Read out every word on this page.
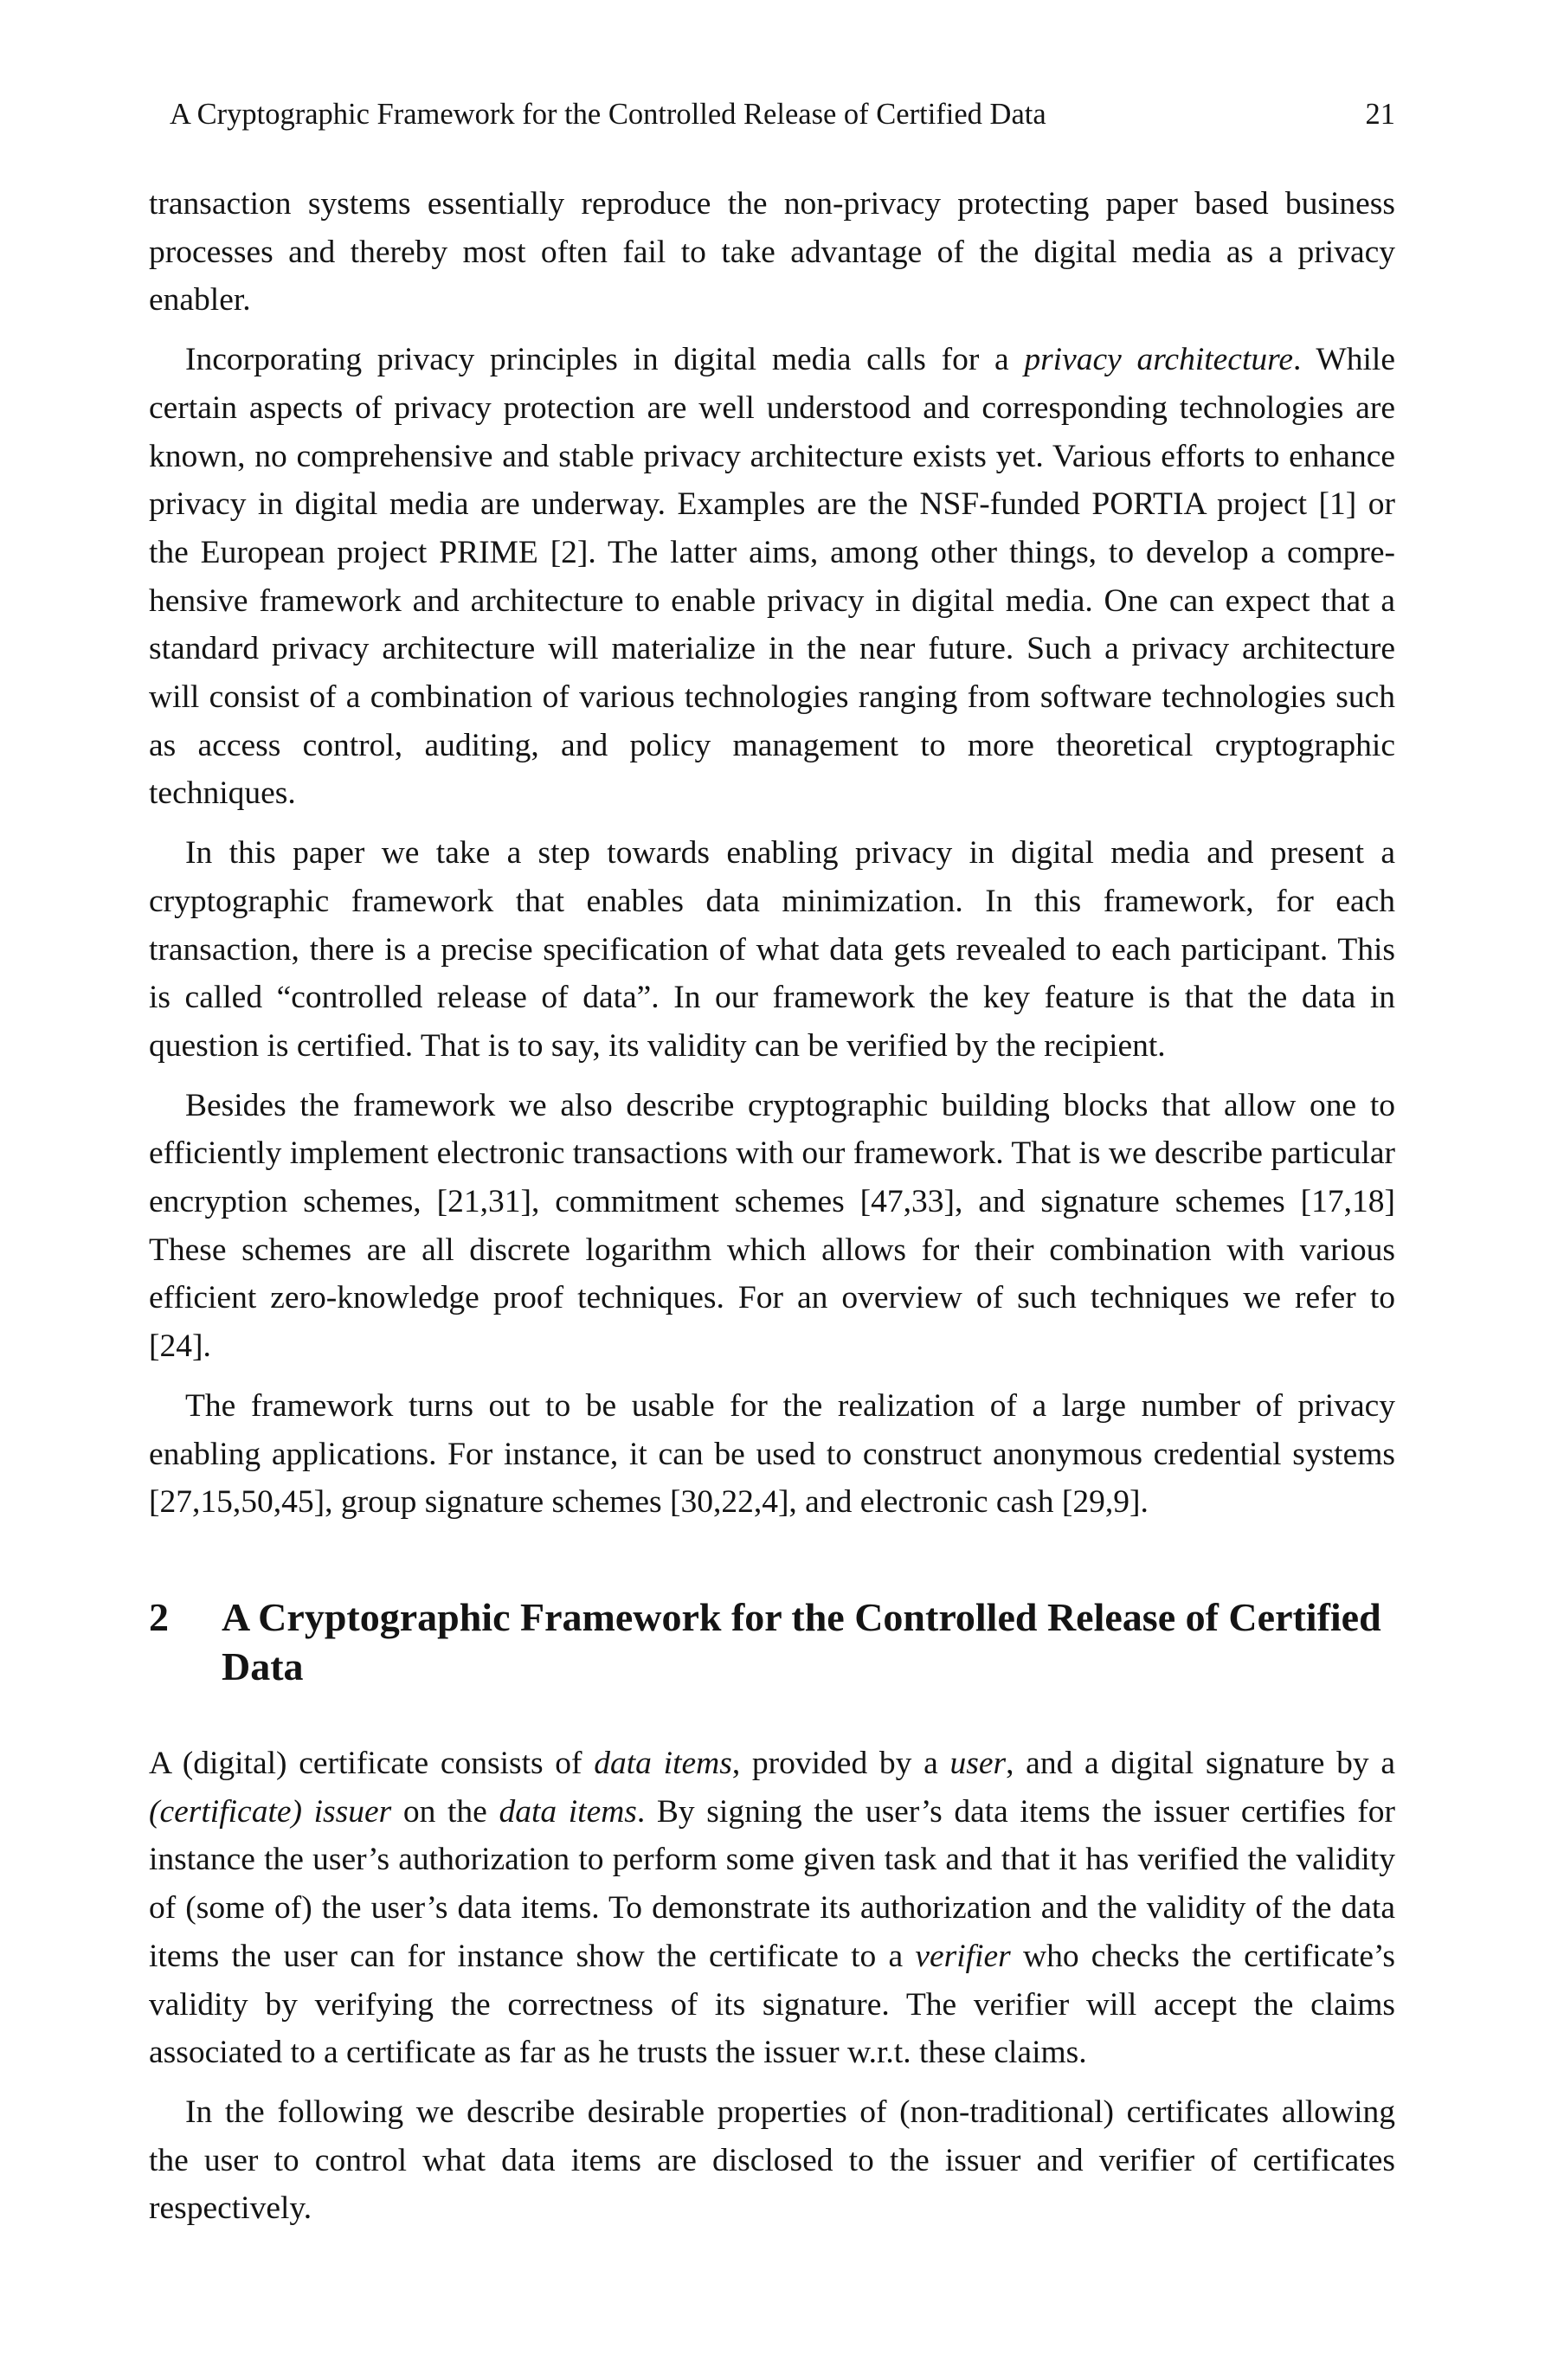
A Cryptographic Framework for the Controlled Release of Certified Data	21

transaction systems essentially reproduce the non-privacy protecting paper based business processes and thereby most often fail to take advantage of the digital media as a privacy enabler.

Incorporating privacy principles in digital media calls for a privacy architecture. While certain aspects of privacy protection are well understood and corresponding technologies are known, no comprehensive and stable privacy architecture exists yet. Various efforts to enhance privacy in digital media are underway. Examples are the NSF-funded PORTIA project [1] or the European project PRIME [2]. The latter aims, among other things, to develop a comprehensive framework and architecture to enable privacy in digital media. One can expect that a standard privacy architecture will materialize in the near future. Such a privacy architecture will consist of a combination of various technologies ranging from software technologies such as access control, auditing, and policy management to more theoretical cryptographic techniques.

In this paper we take a step towards enabling privacy in digital media and present a cryptographic framework that enables data minimization. In this framework, for each transaction, there is a precise specification of what data gets revealed to each participant. This is called “controlled release of data”. In our framework the key feature is that the data in question is certified. That is to say, its validity can be verified by the recipient.

Besides the framework we also describe cryptographic building blocks that allow one to efficiently implement electronic transactions with our framework. That is we describe particular encryption schemes, [21,31], commitment schemes [47,33], and signature schemes [17,18] These schemes are all discrete logarithm which allows for their combination with various efficient zero-knowledge proof techniques. For an overview of such techniques we refer to [24].

The framework turns out to be usable for the realization of a large number of privacy enabling applications. For instance, it can be used to construct anonymous credential systems [27,15,50,45], group signature schemes [30,22,4], and electronic cash [29,9].

2	A Cryptographic Framework for the Controlled Release of Certified Data

A (digital) certificate consists of data items, provided by a user, and a digital signature by a (certificate) issuer on the data items. By signing the user’s data items the issuer certifies for instance the user’s authorization to perform some given task and that it has verified the validity of (some of) the user’s data items. To demonstrate its authorization and the validity of the data items the user can for instance show the certificate to a verifier who checks the certificate’s validity by verifying the correctness of its signature. The verifier will accept the claims associated to a certificate as far as he trusts the issuer w.r.t. these claims.

In the following we describe desirable properties of (non-traditional) certificates allowing the user to control what data items are disclosed to the issuer and verifier of certificates respectively.
